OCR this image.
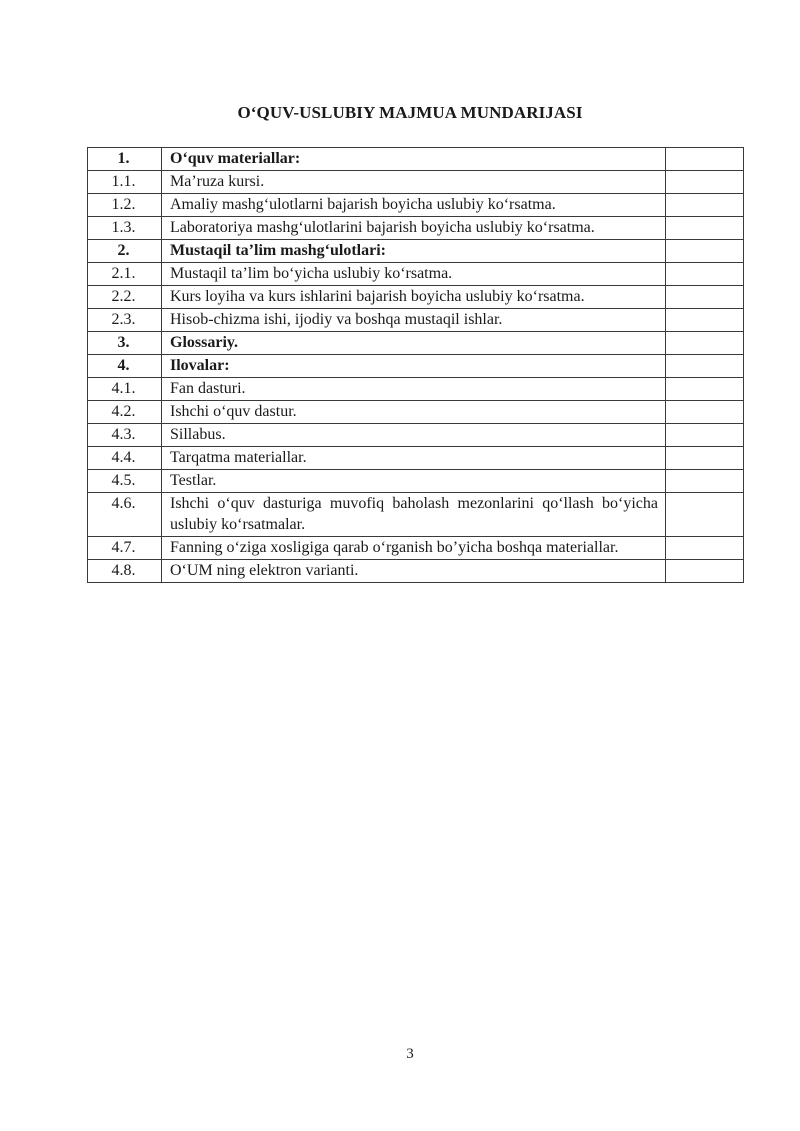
O‘QUV-USLUBIY MAJMUA MUNDARIJASI
1.	O‘quv materiallar:	
1.1.	Ma’ruza kursi.	
1.2.	Amaliy mashg‘ulotlarni bajarish boyicha uslubiy ko‘rsatma.	
1.3.	Laboratoriya mashg‘ulotlarini bajarish boyicha uslubiy ko‘rsatma.	
2.	Mustaqil ta’lim mashg‘ulotlari:	
2.1.	Mustaqil ta’lim bo‘yicha uslubiy ko‘rsatma.	
2.2.	Kurs loyiha va kurs ishlarini bajarish boyicha uslubiy ko‘rsatma.	
2.3.	Hisob-chizma ishi, ijodiy va boshqa mustaqil ishlar.	
3.	Glossariy.	
4.	Ilovalar:	
4.1.	Fan dasturi.	
4.2.	Ishchi o‘quv dastur.	
4.3.	Sillabus.	
4.4.	Tarqatma materiallar.	
4.5.	Testlar.	
4.6.	Ishchi o‘quv dasturiga muvofiq baholash mezonlarini qo‘llash bo‘yicha uslubiy ko‘rsatmalar.	
4.7.	Fanning o‘ziga xosligiga qarab o‘rganish bo’yicha boshqa materiallar.	
4.8.	O‘UM ning elektron varianti.	
3
